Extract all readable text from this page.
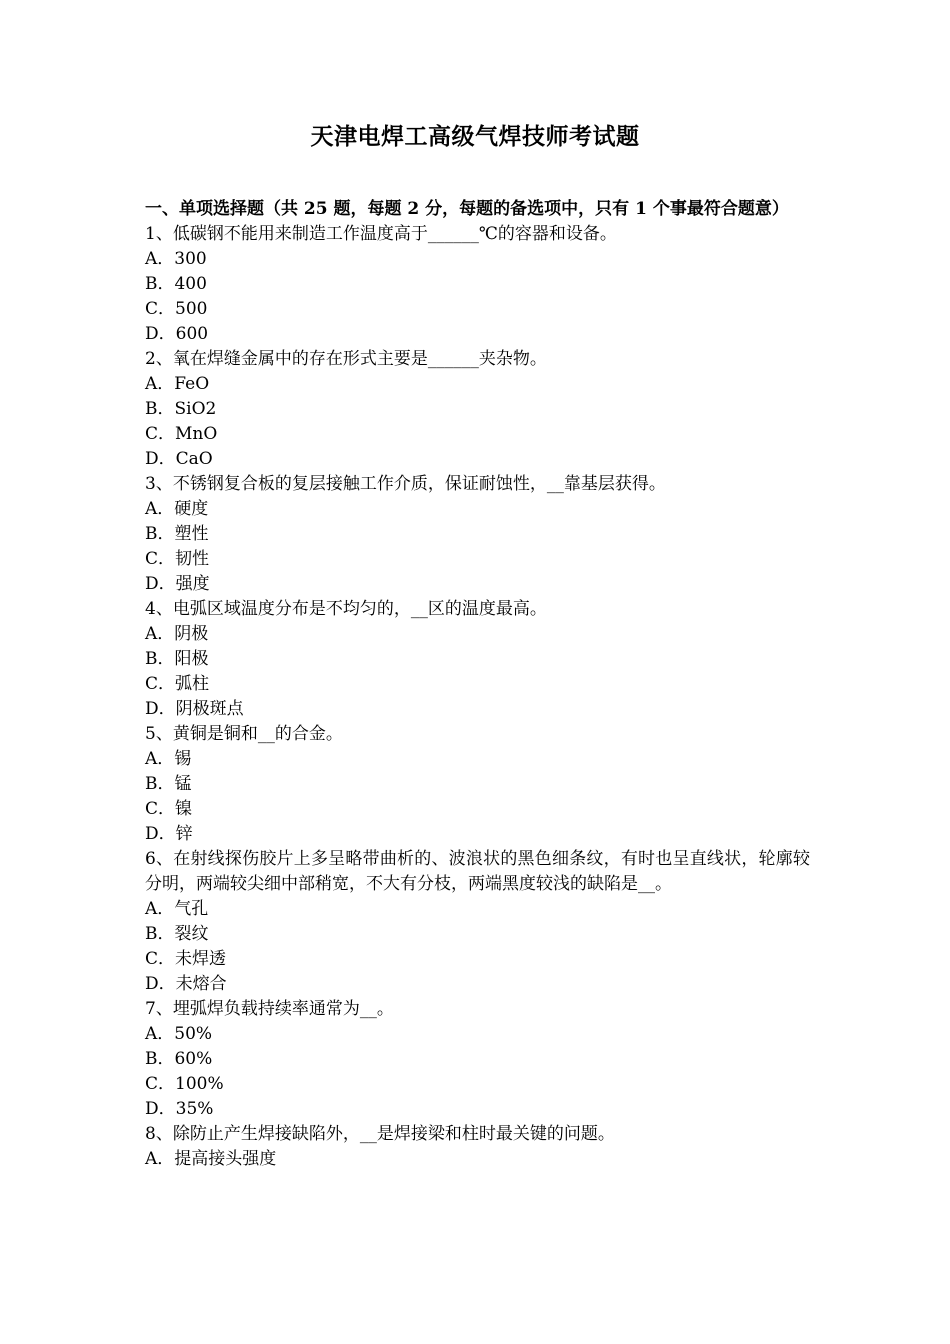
天津电焊工高级气焊技师考试题

一、单项选择题（共 25 题，每题 2 分，每题的备选项中，只有 1 个事最符合题意）

1、低碳钢不能用来制造工作温度高于______℃的容器和设备。

A．300

B．400

C．500

D．600

2、氧在焊缝金属中的存在形式主要是______夹杂物。

A．FeO

B．SiO2

C．MnO

D．CaO

3、不锈钢复合板的复层接触工作介质，保证耐蚀性，__靠基层获得。

A．硬度

B．塑性

C．韧性

D．强度

4、电弧区域温度分布是不均匀的，__区的温度最高。

A．阴极

B．阳极

C．弧柱

D．阴极斑点

5、黄铜是铜和__的合金。

A．锡

B．锰

C．镍

D．锌

6、在射线探伤胶片上多呈略带曲析的、波浪状的黑色细条纹，有时也呈直线状，轮廓较分明，两端较尖细中部稍宽，不大有分枝，两端黑度较浅的缺陷是__。

A．气孔

B．裂纹

C．未焊透

D．未熔合

7、埋弧焊负载持续率通常为__。

A．50%

B．60%

C．100%

D．35%

8、除防止产生焊接缺陷外，__是焊接梁和柱时最关键的问题。

A．提高接头强度
